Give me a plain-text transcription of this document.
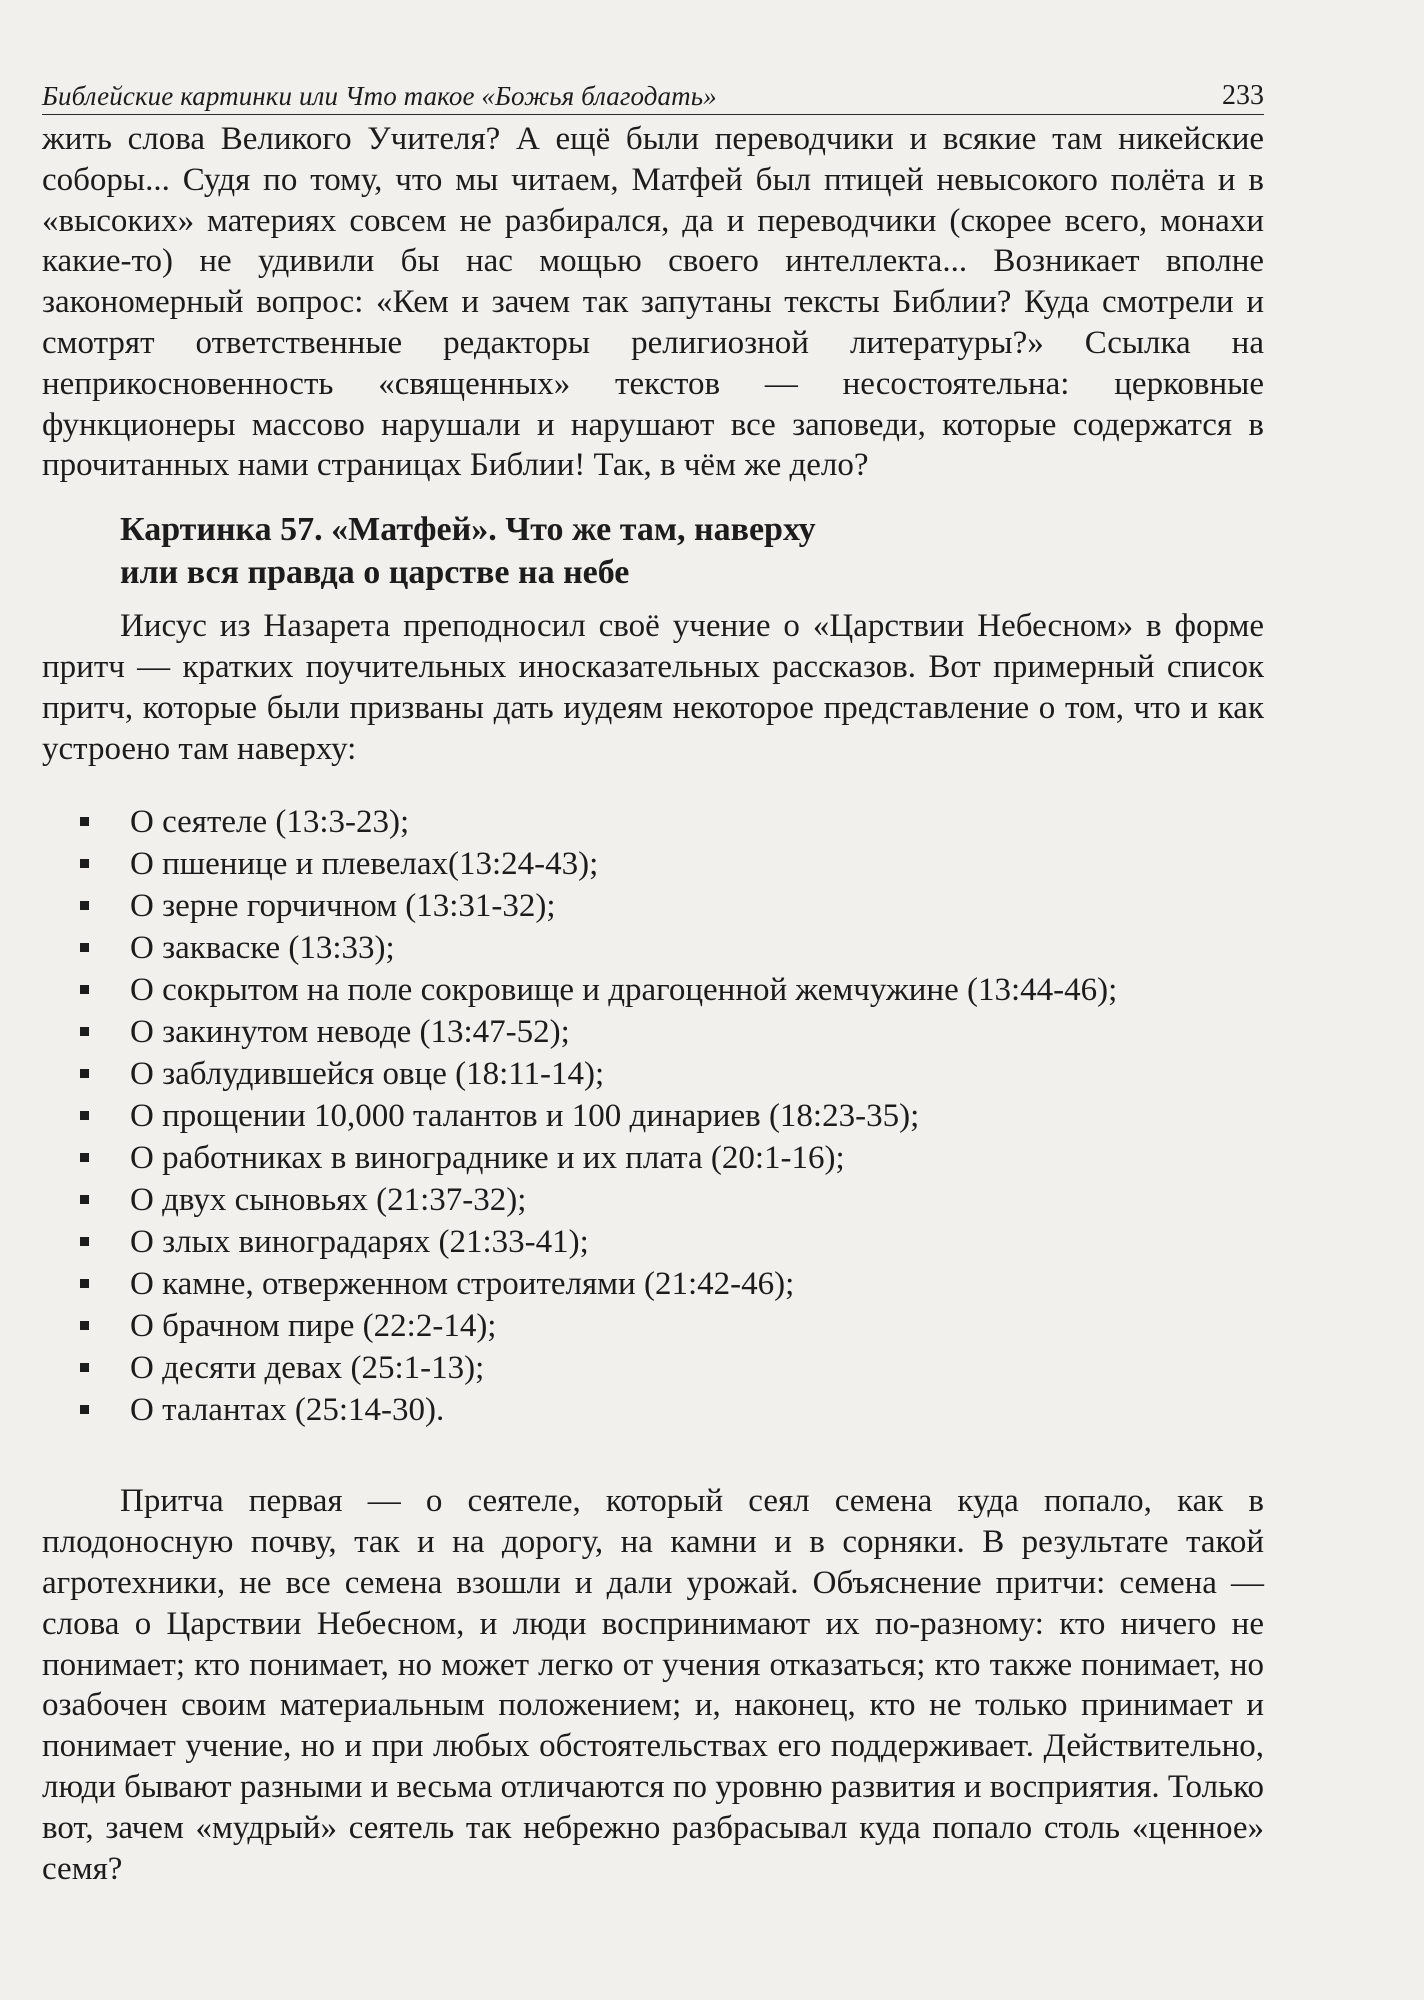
Библейские картинки или Что такое «Божья благодать»	233

жить слова Великого Учителя? А ещё были переводчики и всякие там никейские соборы... Судя по тому, что мы читаем, Матфей был птицей невысокого полёта и в «высоких» материях совсем не разбирался, да и переводчики (скорее всего, монахи какие-то) не удивили бы нас мощью своего интеллекта... Возникает вполне закономерный вопрос: «Кем и зачем так запутаны тексты Библии? Куда смотрели и смотрят ответственные редакторы религиозной литературы?» Ссылка на неприкосновенность «священных» текстов — несостоятельна: церковные функционеры массово нарушали и нарушают все заповеди, которые содержатся в прочитанных нами страницах Библии! Так, в чём же дело?

Картинка 57. «Матфей». Что же там, наверху
или вся правда о царстве на небе

Иисус из Назарета преподносил своё учение о «Царствии Небесном» в форме притч — кратких поучительных иносказательных рассказов. Вот примерный список притч, которые были призваны дать иудеям некоторое представление о том, что и как устроено там наверху:

О сеятеле (13:3-23);
О пшенице и плевелах(13:24-43);
О зерне горчичном (13:31-32);
О закваске (13:33);
О сокрытом на поле сокровище и драгоценной жемчужине (13:44-46);
О закинутом неводе (13:47-52);
О заблудившейся овце (18:11-14);
О прощении 10,000 талантов и 100 динариев (18:23-35);
О работниках в винограднике и их плата (20:1-16);
О двух сыновьях (21:37-32);
О злых виноградарях (21:33-41);
О камне, отверженном строителями (21:42-46);
О брачном пире (22:2-14);
О десяти девах (25:1-13);
О талантах (25:14-30).

Притча первая — о сеятеле, который сеял семена куда попало, как в плодоносную почву, так и на дорогу, на камни и в сорняки. В результате такой агротехники, не все семена взошли и дали урожай. Объяснение притчи: семена — слова о Царствии Небесном, и люди воспринимают их по-разному: кто ничего не понимает; кто понимает, но может легко от учения отказаться; кто также понимает, но озабочен своим материальным положением; и, наконец, кто не только принимает и понимает учение, но и при любых обстоятельствах его поддерживает. Действительно, люди бывают разными и весьма отличаются по уровню развития и восприятия. Только вот, зачем «мудрый» сеятель так небрежно разбрасывал куда попало столь «ценное» семя?
